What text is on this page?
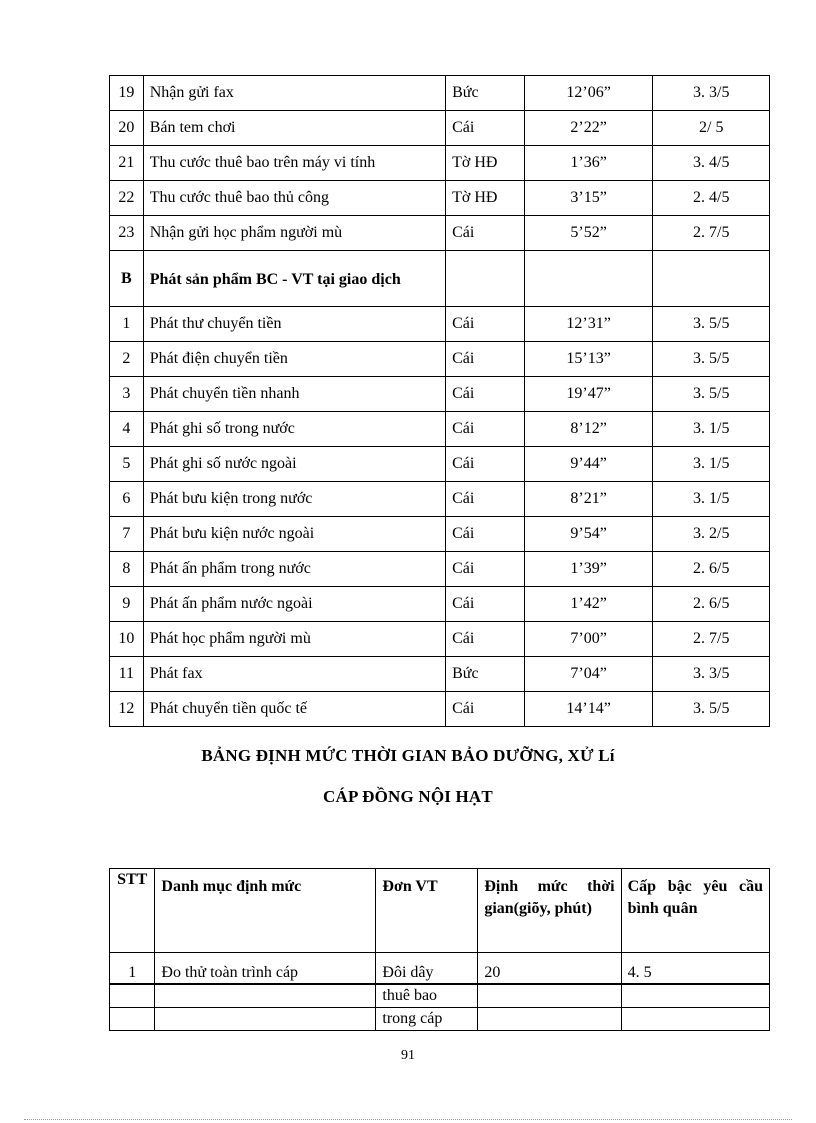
19	Nhận gửi fax	Bức	12’06”	3. 3/5
20	Bán tem chơi	Cái	2’22”	2/ 5
21	Thu cước thuê bao trên máy vi tính	Tờ HĐ	1’36”	3. 4/5
22	Thu cước thuê bao thủ công	Tờ HĐ	3’15”	2. 4/5
23	Nhận gửi học phẩm người mù	Cái	5’52”	2. 7/5
B	Phát sản phẩm BC - VT tại giao dịch			
1	Phát thư chuyển tiền	Cái	12’31”	3. 5/5
2	Phát điện chuyển tiền	Cái	15’13”	3. 5/5
3	Phát chuyển tiền nhanh	Cái	19’47”	3. 5/5
4	Phát ghi số trong nước	Cái	8’12”	3. 1/5
5	Phát ghi số nước ngoài	Cái	9’44”	3. 1/5
6	Phát bưu kiện trong nước	Cái	8’21”	3. 1/5
7	Phát bưu kiện nước ngoài	Cái	9’54”	3. 2/5
8	Phát ấn phẩm trong nước	Cái	1’39”	2. 6/5
9	Phát ấn phẩm nước ngoài	Cái	1’42”	2. 6/5
10	Phát học phẩm người mù	Cái	7’00”	2. 7/5
11	Phát fax	Bức	7’04”	3. 3/5
12	Phát chuyển tiền quốc tế	Cái	14’14”	3. 5/5
BẢNG ĐỊNH MỨC THỜI GIAN BẢO DƯỠNG, XỬ Lí
CÁP ĐỒNG NỘI HẠT
STT	Danh mục định mức	Đơn VT	Định mức thời gian(giõy, phút)	Cấp bậc yêu cầu bình quân
1	Đo thử toàn trình cáp	Đôi dây	20	4. 5
		thuê bao		
		trong cáp		
91
